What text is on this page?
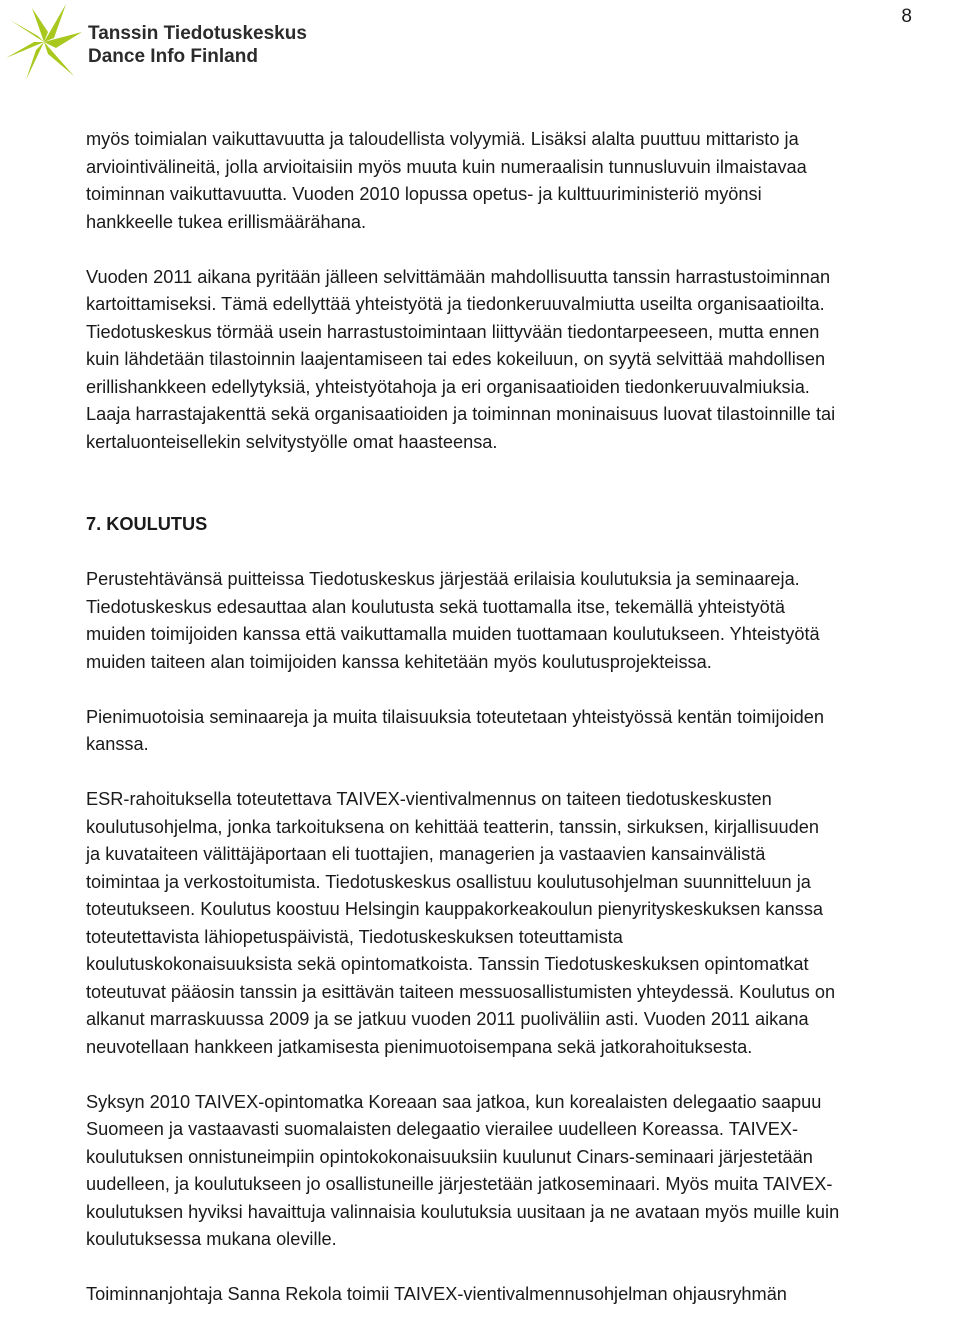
8
Tanssin Tiedotuskeskus
Dance Info Finland

myös toimialan vaikuttavuutta ja taloudellista volyymiä. Lisäksi alalta puuttuu mittaristo ja

arviointivälineitä, jolla arvioitaisiin myös muuta kuin numeraalisin tunnusluvuin ilmaistavaa

toiminnan vaikuttavuutta. Vuoden 2010 lopussa opetus- ja kulttuuriministeriö myönsi

hankkeelle tukea erillismäärähana.

Vuoden 2011 aikana pyritään jälleen selvittämään mahdollisuutta tanssin harrastustoiminnan

kartoittamiseksi. Tämä edellyttää yhteistyötä ja tiedonkeruuvalmiutta useilta organisaatioilta.

Tiedotuskeskus törmää usein harrastustoimintaan liittyvään tiedontarpeeseen, mutta ennen

kuin lähdetään tilastoinnin laajentamiseen tai edes kokeiluun, on syytä selvittää mahdollisen

erillishankkeen edellytyksiä, yhteistyötahoja ja eri organisaatioiden tiedonkeruuvalmiuksia.

Laaja harrastajakenttä sekä organisaatioiden ja toiminnan moninaisuus luovat tilastoinnille tai

kertaluonteisellekin selvitystyölle omat haasteensa.

7. KOULUTUS

Perustehtävänsä puitteissa Tiedotuskeskus järjestää erilaisia koulutuksia ja seminaareja.

Tiedotuskeskus edesauttaa alan koulutusta sekä tuottamalla itse, tekemällä yhteistyötä

muiden toimijoiden kanssa että vaikuttamalla muiden tuottamaan koulutukseen. Yhteistyötä

muiden taiteen alan toimijoiden kanssa kehitetään myös koulutusprojekteissa.

Pienimuotoisia seminaareja ja muita tilaisuuksia toteutetaan yhteistyössä kentän toimijoiden

kanssa.

ESR-rahoituksella toteutettava TAIVEX-vientivalmennus on taiteen tiedotuskeskusten

koulutusohjelma, jonka tarkoituksena on kehittää teatterin, tanssin, sirkuksen, kirjallisuuden

ja kuvataiteen välittäjäportaan eli tuottajien, managerien ja vastaavien kansainvälistä

toimintaa ja verkostoitumista. Tiedotuskeskus osallistuu koulutusohjelman suunnitteluun ja

toteutukseen. Koulutus koostuu Helsingin kauppakorkeakoulun pienyrityskeskuksen kanssa

toteutettavista lähiopetuspäivistä, Tiedotuskeskuksen toteuttamista

koulutuskokonaisuuksista sekä opintomatkoista. Tanssin Tiedotuskeskuksen opintomatkat

toteutuvat pääosin tanssin ja esittävän taiteen messuosallistumisten yhteydessä. Koulutus on

alkanut marraskuussa 2009 ja se jatkuu vuoden 2011 puoliväliin asti. Vuoden 2011 aikana

neuvotellaan hankkeen jatkamisesta pienimuotoisempana sekä jatkorahoituksesta.

Syksyn 2010 TAIVEX-opintomatka Koreaan saa jatkoa, kun korealaisten delegaatio saapuu

Suomeen ja vastaavasti suomalaisten delegaatio vierailee uudelleen Koreassa. TAIVEX-

koulutuksen onnistuneimpiin opintokokonaisuuksiin kuulunut Cinars-seminaari järjestetään

uudelleen, ja koulutukseen jo osallistuneille järjestetään jatkoseminaari. Myös muita TAIVEX-

koulutuksen hyviksi havaittuja valinnaisia koulutuksia uusitaan ja ne avataan myös muille kuin

koulutuksessa mukana oleville.

Toiminnanjohtaja Sanna Rekola toimii TAIVEX-vientivalmennusohjelman ohjausryhmän
